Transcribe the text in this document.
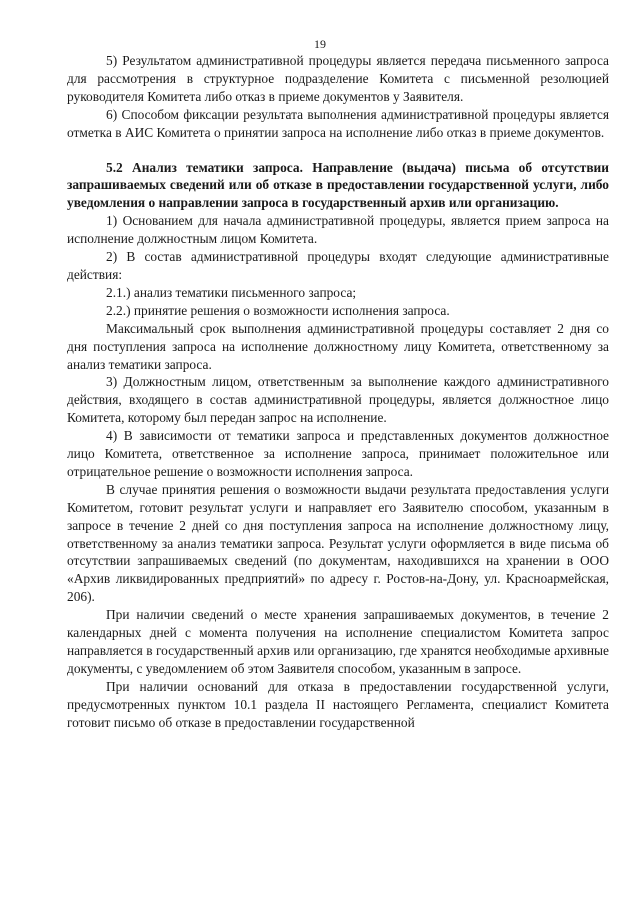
19

5) Результатом административной процедуры является передача письменного запроса для рассмотрения в структурное подразделение Комитета с письменной резолюцией руководителя Комитета либо отказ в приеме документов у Заявителя.

6) Способом фиксации результата выполнения административной процедуры является отметка в АИС Комитета о принятии запроса на исполнение либо отказ в приеме документов.

5.2 Анализ тематики запроса. Направление (выдача) письма об отсутствии запрашиваемых сведений или об отказе в предоставлении государственной услуги, либо уведомления о направлении запроса в государственный архив или организацию.

1) Основанием для начала административной процедуры, является прием запроса на исполнение должностным лицом Комитета.

2) В состав административной процедуры входят следующие административные действия:

2.1.) анализ тематики письменного запроса;

2.2.) принятие решения о возможности исполнения запроса.

Максимальный срок выполнения административной процедуры составляет 2 дня со дня поступления запроса на исполнение должностному лицу Комитета, ответственному за анализ тематики запроса.

3) Должностным лицом, ответственным за выполнение каждого административного действия, входящего в состав административной процедуры, является должностное лицо Комитета, которому был передан запрос на исполнение.

4) В зависимости от тематики запроса и представленных документов должностное лицо Комитета, ответственное за исполнение запроса, принимает положительное или отрицательное решение о возможности исполнения запроса.

В случае принятия решения о возможности выдачи результата предоставления услуги Комитетом, готовит результат услуги и направляет его Заявителю способом, указанным в запросе в течение 2 дней со дня поступления запроса на исполнение должностному лицу, ответственному за анализ тематики запроса. Результат услуги оформляется в виде письма об отсутствии запрашиваемых сведений (по документам, находившихся на хранении в ООО «Архив ликвидированных предприятий» по адресу г. Ростов-на-Дону, ул. Красноармейская, 206).

При наличии сведений о месте хранения запрашиваемых документов, в течение 2 календарных дней с момента получения на исполнение специалистом Комитета запрос направляется в государственный архив или организацию, где хранятся необходимые архивные документы, с уведомлением об этом Заявителя способом, указанным в запросе.

При наличии оснований для отказа в предоставлении государственной услуги, предусмотренных пунктом 10.1 раздела II настоящего Регламента, специалист Комитета готовит письмо об отказе в предоставлении государственной
